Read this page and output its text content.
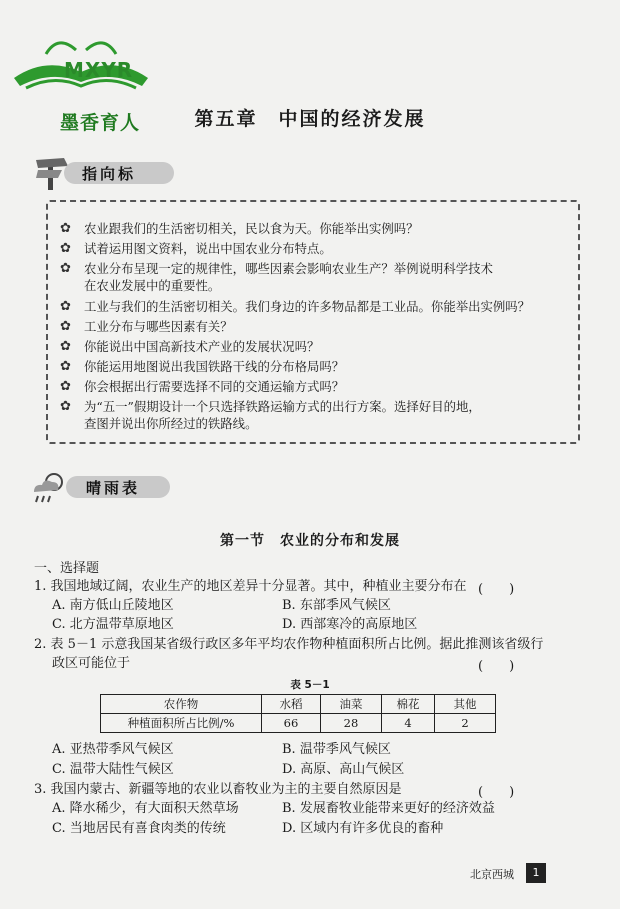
MXYR
墨香育人	第五章　中国的经济发展
指向标
✿ 农业跟我们的生活密切相关，民以食为天。你能举出实例吗？
✿ 试着运用图文资料，说出中国农业分布特点。
✿ 农业分布呈现一定的规律性，哪些因素会影响农业生产？举例说明科学技术
在农业发展中的重要性。
✿ 工业与我们的生活密切相关。我们身边的许多物品都是工业品。你能举出实例吗？
✿ 工业分布与哪些因素有关？
✿ 你能说出中国高新技术产业的发展状况吗？
✿ 你能运用地图说出我国铁路干线的分布格局吗？
✿ 你会根据出行需要选择不同的交通运输方式吗？
✿ 为“五一”假期设计一个只选择铁路运输方式的出行方案。选择好目的地，
查图并说出你所经过的铁路线。
晴雨表
第一节　农业的分布和发展
一、选择题
1. 我国地域辽阔，农业生产的地区差异十分显著。其中，种植业主要分布在 (　　)
A. 南方低山丘陵地区	B. 东部季风气候区
C. 北方温带草原地区	D. 西部寒冷的高原地区
2. 表 5－1 示意我国某省级行政区多年平均农作物种植面积所占比例。据此推测该省级行
政区可能位于	(　　)
表 5－1
农作物	水稻	油菜	棉花	其他
种植面积所占比例/%	66	28	4	2
A. 亚热带季风气候区	B. 温带季风气候区
C. 温带大陆性气候区	D. 高原、高山气候区
3. 我国内蒙古、新疆等地的农业以畜牧业为主的主要自然原因是	(　　)
A. 降水稀少，有大面积天然草场	B. 发展畜牧业能带来更好的经济效益
C. 当地居民有喜食肉类的传统	D. 区域内有许多优良的畜种
北京西城	1
